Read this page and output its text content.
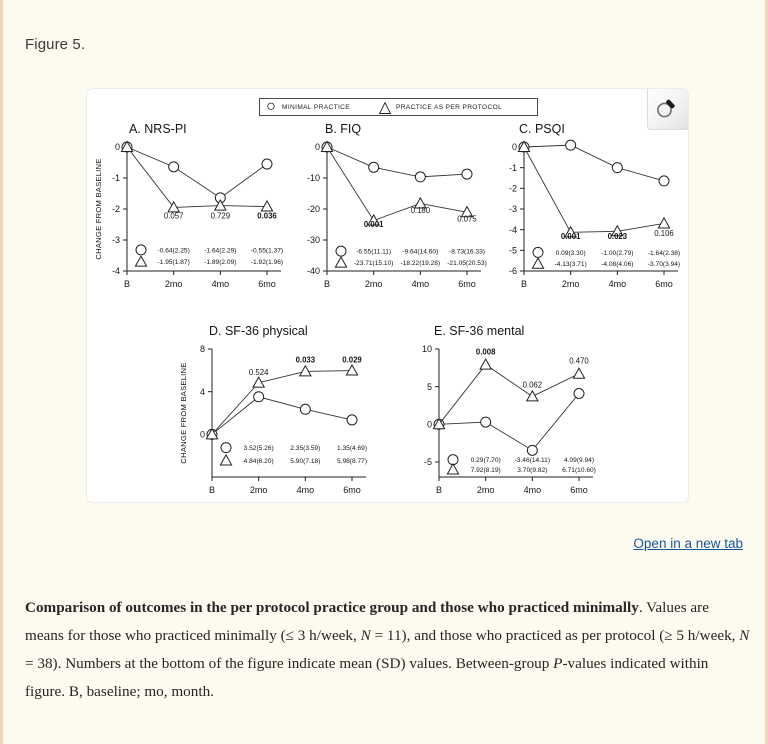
Figure 5.
○ MINIMAL PRACTICE	△ PRACTICE AS PER PROTOCOL
A. NRS-PI
0
-1
-2
-3
-4
B	2mo	4mo	6mo
CHANGE FROM BASELINE	0.057	0.729	0.036
-0.64(2.25) -1.64(2.29) -0.55(1.37)
-1.95(1.87) -1.89(2.09) -1.92(1.96)
B. FIQ
0
-10
-20
-30
-40
B	2mo	4mo	6mo
0.001
0.180
0.075
-6.55(11.11) -9.64(14.60) -8.73(16.33)
-23.71(15.10) -18.22(19.28) -21.05(20.53)
C. PSQI
0
-1
-2
-3
-4
-5
-6
B	2mo	4mo	6mo
0.001	0.023	0.106
0.09(3.30) -1.00(2.79) -1.64(2.38)
-4.13(3.71) -4.08(4.06) -3.70(3.94)
D. SF-36 physical
8
4
0
B	2mo	4mo	6mo
CHANGE FROM BASELINE	0.524
0.033	0.029
3.52(5.26)	2.35(3.59)	1.35(4.69)
4.84(6.20)	5.90(7.18)	5.98(8.77)
E. SF-36 mental
10
5
0
-5
B	2mo	4mo	6mo
0.008
0.062
0.470
0.29(7.70) -3.46(14.11) 4.09(9.94)
7.92(8.19)	3.70(9.82) 6.71(10.60)
Open in a new tab
Comparison of outcomes in the per protocol practice group and those who practiced minimally. Values are means for those who practiced minimally (≤ 3 h/week, N = 11), and those who practiced as per protocol (≥ 5 h/week, N = 38). Numbers at the bottom of the figure indicate mean (SD) values. Between-group P-values indicated within figure. B, baseline; mo, month.
